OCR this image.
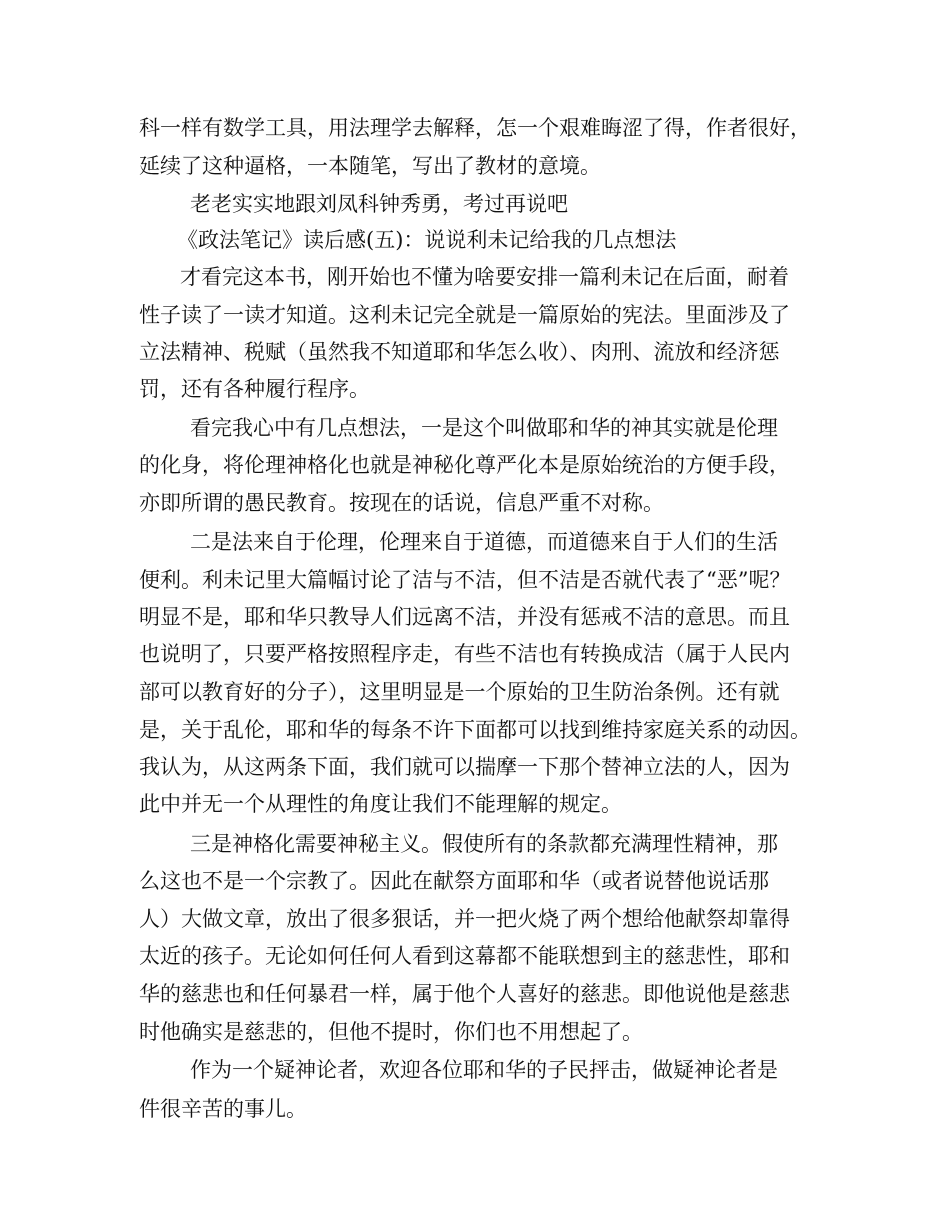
科一样有数学工具，用法理学去解释，怎一个艰难晦涩了得，作者很好，
延续了这种逼格，一本随笔，写出了教材的意境。
老老实实地跟刘凤科钟秀勇，考过再说吧
《政法笔记》读后感(五)：说说利未记给我的几点想法
才看完这本书，刚开始也不懂为啥要安排一篇利未记在后面，耐着
性子读了一读才知道。这利未记完全就是一篇原始的宪法。里面涉及了
立法精神、税赋（虽然我不知道耶和华怎么收）、肉刑、流放和经济惩
罚，还有各种履行程序。
看完我心中有几点想法，一是这个叫做耶和华的神其实就是伦理
的化身，将伦理神格化也就是神秘化尊严化本是原始统治的方便手段，
亦即所谓的愚民教育。按现在的话说，信息严重不对称。
二是法来自于伦理，伦理来自于道德，而道德来自于人们的生活
便利。利未记里大篇幅讨论了洁与不洁，但不洁是否就代表了“恶”呢？
明显不是，耶和华只教导人们远离不洁，并没有惩戒不洁的意思。而且
也说明了，只要严格按照程序走，有些不洁也有转换成洁（属于人民内
部可以教育好的分子），这里明显是一个原始的卫生防治条例。还有就
是，关于乱伦，耶和华的每条不许下面都可以找到维持家庭关系的动因。
我认为，从这两条下面，我们就可以揣摩一下那个替神立法的人，因为
此中并无一个从理性的角度让我们不能理解的规定。
三是神格化需要神秘主义。假使所有的条款都充满理性精神，那
么这也不是一个宗教了。因此在献祭方面耶和华（或者说替他说话那
人）大做文章，放出了很多狠话，并一把火烧了两个想给他献祭却靠得
太近的孩子。无论如何任何人看到这幕都不能联想到主的慈悲性，耶和
华的慈悲也和任何暴君一样，属于他个人喜好的慈悲。即他说他是慈悲
时他确实是慈悲的，但他不提时，你们也不用想起了。
作为一个疑神论者，欢迎各位耶和华的子民抨击，做疑神论者是
件很辛苦的事儿。
